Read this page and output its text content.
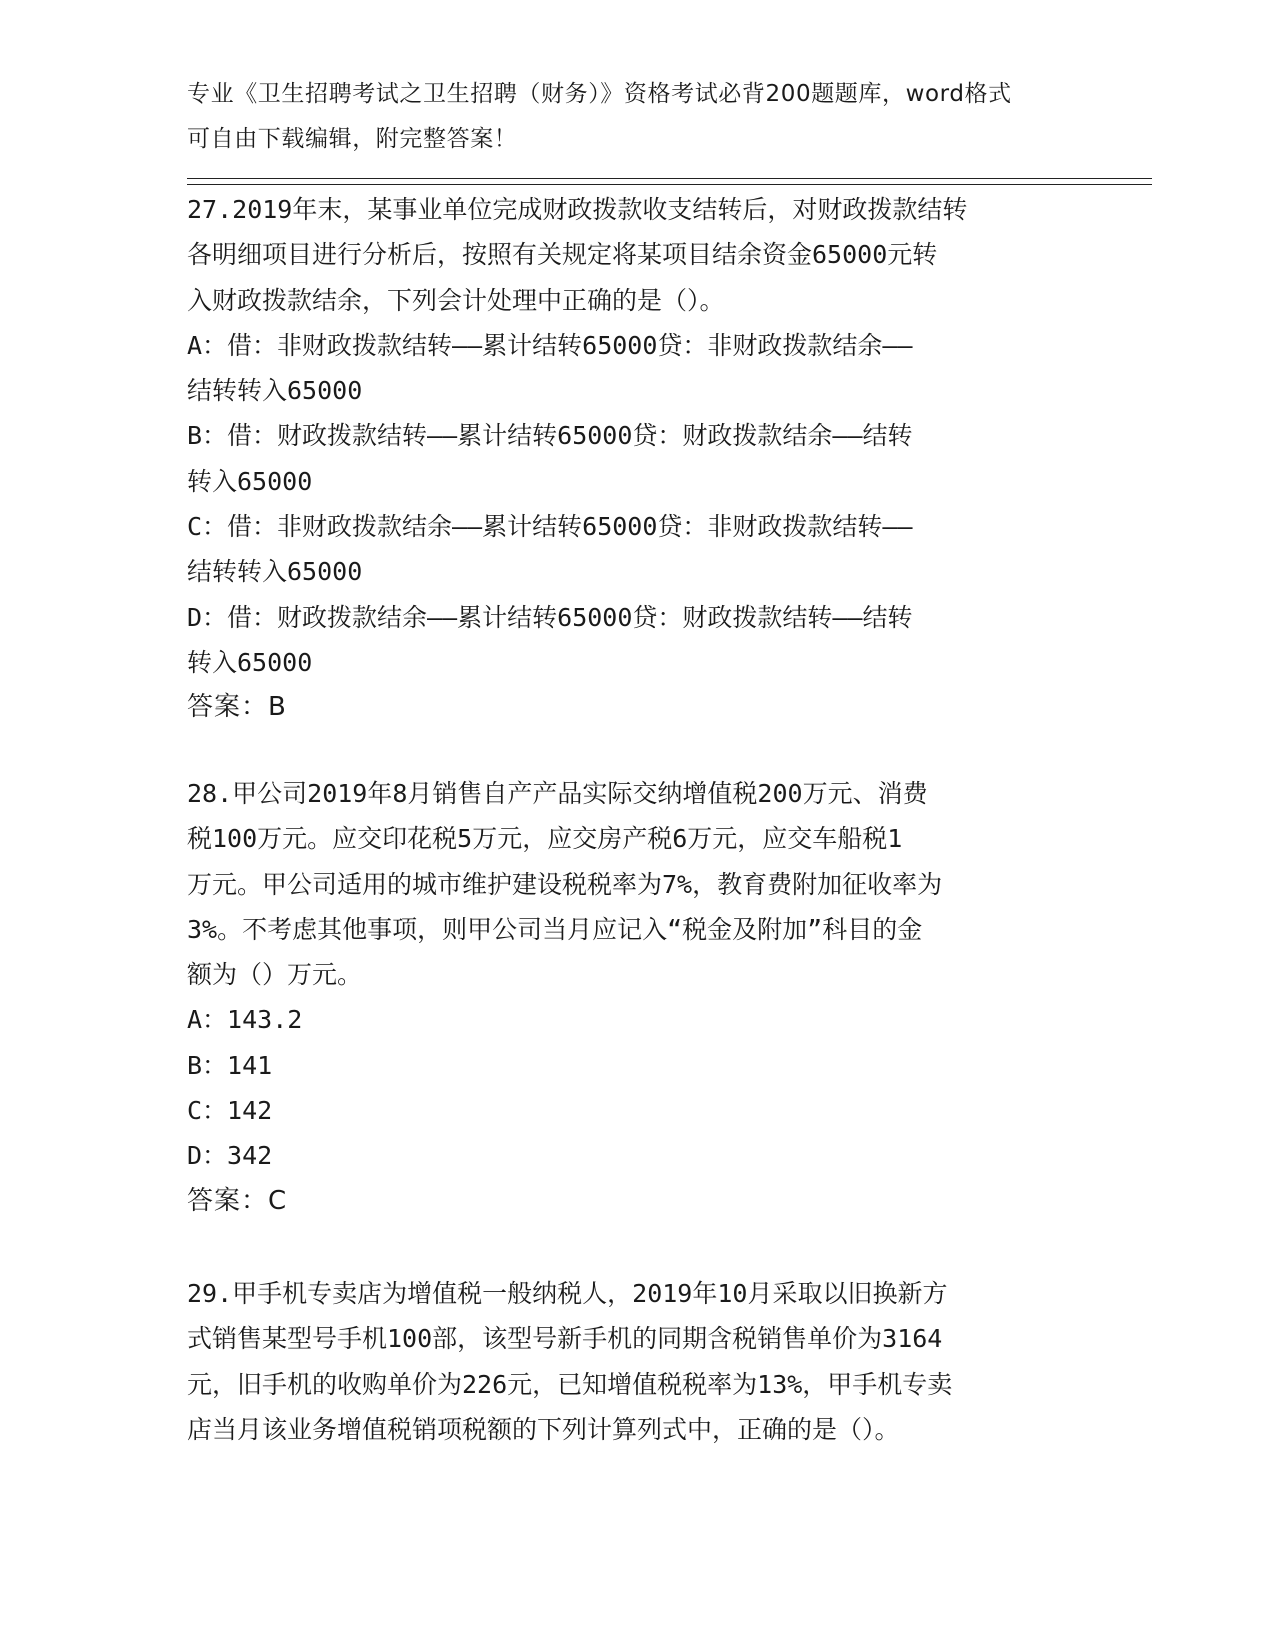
专业《卫生招聘考试之卫生招聘（财务）》资格考试必背200题题库，word格式
可自由下载编辑，附完整答案！
27.2019年末，某事业单位完成财政拨款收支结转后，对财政拨款结转
各明细项目进行分析后，按照有关规定将某项目结余资金65000元转
入财政拨款结余，下列会计处理中正确的是（）。
A：借：非财政拨款结转——累计结转65000贷：非财政拨款结余——
结转转入65000
B：借：财政拨款结转——累计结转65000贷：财政拨款结余——结转
转入65000
C：借：非财政拨款结余——累计结转65000贷：非财政拨款结转——
结转转入65000
D：借：财政拨款结余——累计结转65000贷：财政拨款结转——结转
转入65000
答案：B
28.甲公司2019年8月销售自产产品实际交纳增值税200万元、消费
税100万元。应交印花税5万元，应交房产税6万元，应交车船税1
万元。甲公司适用的城市维护建设税税率为7%，教育费附加征收率为
3%。不考虑其他事项，则甲公司当月应记入“税金及附加”科目的金
额为（）万元。
A：143.2
B：141
C：142
D：342
答案：C
29.甲手机专卖店为增值税一般纳税人，2019年10月采取以旧换新方
式销售某型号手机100部，该型号新手机的同期含税销售单价为3164
元，旧手机的收购单价为226元，已知增值税税率为13%，甲手机专卖
店当月该业务增值税销项税额的下列计算列式中，正确的是（）。
